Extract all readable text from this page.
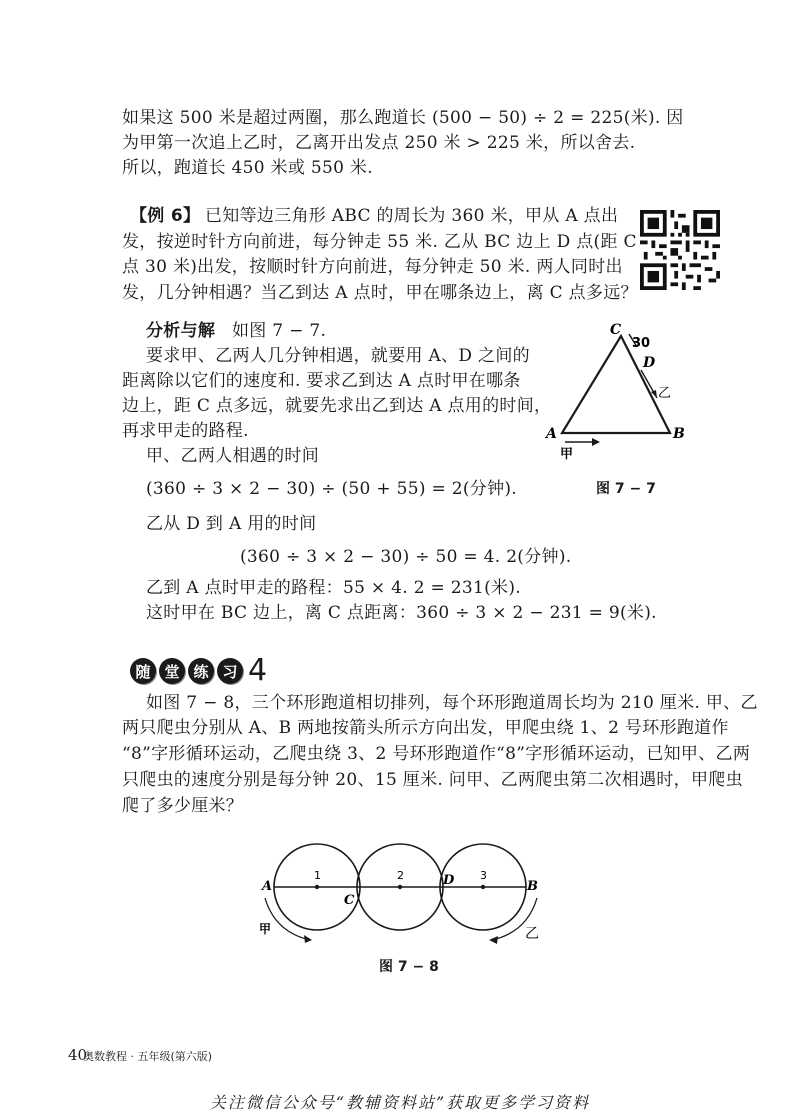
如果这 500 米是超过两圈，那么跑道长 (500 − 50) ÷ 2 = 225(米). 因
为甲第一次追上乙时，乙离开出发点 250 米 > 225 米，所以舍去.
所以，跑道长 450 米或 550 米.
【例 6】 已知等边三角形 ABC 的周长为 360 米，甲从 A 点出
发，按逆时针方向前进，每分钟走 55 米. 乙从 BC 边上 D 点(距 C
点 30 米)出发，按顺时针方向前进，每分钟走 50 米. 两人同时出
发，几分钟相遇？当乙到达 A 点时，甲在哪条边上，离 C 点多远？
分析与解 如图 7 − 7.
要求甲、乙两人几分钟相遇，就要用 A、D 之间的
距离除以它们的速度和. 要求乙到达 A 点时甲在哪条
边上，距 C 点多远，就要先求出乙到达 A 点用的时间，
再求甲走的路程.
甲、乙两人相遇的时间
(360 ÷ 3 × 2 − 30) ÷ (50 + 55) = 2(分钟).
乙从 D 到 A 用的时间
(360 ÷ 3 × 2 − 30) ÷ 50 = 4. 2(分钟).
乙到 A 点时甲走的路程：55 × 4. 2 = 231(米).
这时甲在 BC 边上，离 C 点距离：360 ÷ 3 × 2 − 231 = 9(米).
C
30
D
乙
A	B
甲
图 7 − 7
随 堂 练 习 4
如图 7 − 8，三个环形跑道相切排列，每个环形跑道周长均为 210 厘米. 甲、乙
两只爬虫分别从 A、B 两地按箭头所示方向出发，甲爬虫绕 1、2 号环形跑道作
“8”字形循环运动，乙爬虫绕 3、2 号环形跑道作“8”字形循环运动，已知甲、乙两
只爬虫的速度分别是每分钟 20、15 厘米. 问甲、乙两爬虫第二次相遇时，甲爬虫
爬了多少厘米？
1	2	3
A
C
D	B
甲	乙
图 7 − 8
40
奥数教程 · 五年级(第六版)
关注微信公众号“教辅资料站”获取更多学习资料
